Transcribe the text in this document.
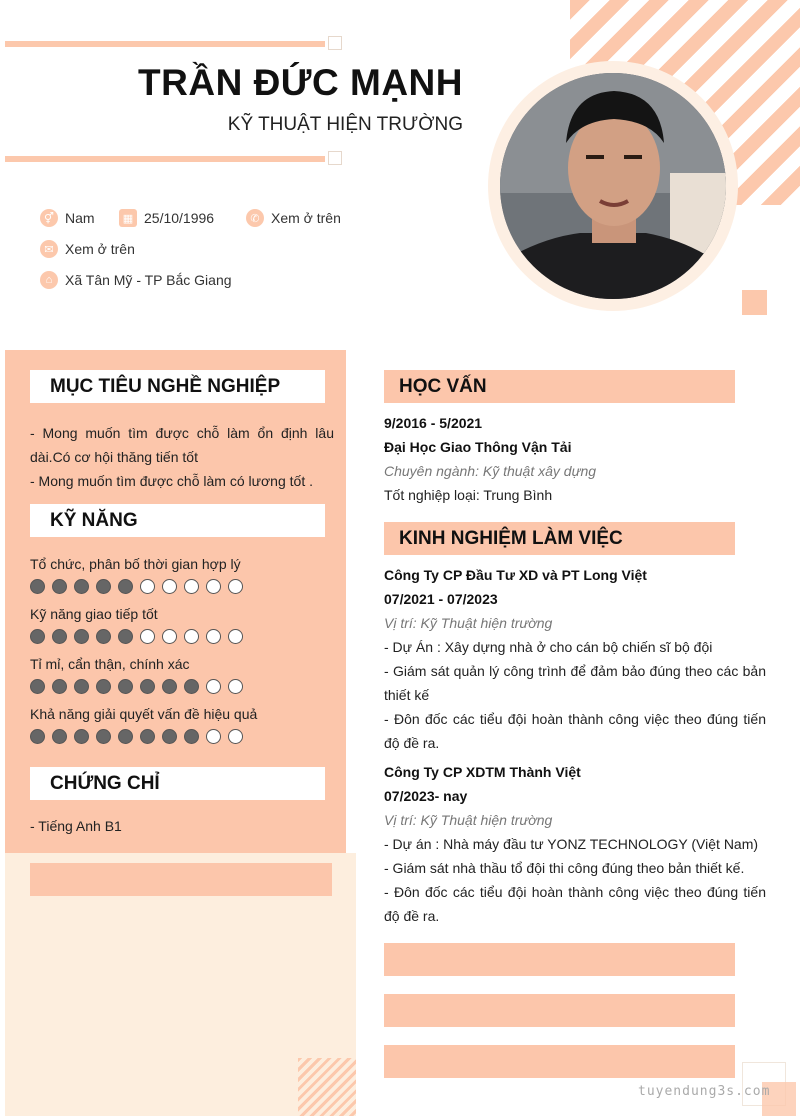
TRẦN ĐỨC MẠNH
KỸ THUẬT HIỆN TRƯỜNG
⚥ Nam	▦ 25/10/1996	✆ Xem ở trên
✉ Xem ở trên
⌂ Xã Tân Mỹ - TP Bắc Giang
MỤC TIÊU NGHỀ NGHIỆP

- Mong muốn tìm được chỗ làm ổn định lâu dài.Có cơ hội thăng tiến tốt

- Mong muốn tìm được chỗ làm có lương tốt .

KỸ NĂNG
Tổ chức, phân bố thời gian hợp lý
Kỹ năng giao tiếp tốt
Tỉ mỉ, cẩn thận, chính xác
Khả năng giải quyết vấn đề hiệu quả
CHỨNG CHỈ
- Tiếng Anh B1
HỌC VẤN
9/2016 - 5/2021
Đại Học Giao Thông Vận Tải
Chuyên ngành: Kỹ thuật xây dựng
Tốt nghiệp loại: Trung Bình
KINH NGHIỆM LÀM VIỆC
Công Ty CP Đầu Tư XD và PT Long Việt
07/2021 - 07/2023
Vị trí: Kỹ Thuật hiện trường
- Dự Án : Xây dựng nhà ở cho cán bộ chiến sĩ bộ đội
- Giám sát quản lý công trình để đảm bảo đúng theo các bản thiết kế
- Đôn đốc các tiểu đội hoàn thành công việc theo đúng tiến độ đề ra.
Công Ty CP XDTM Thành Việt
07/2023- nay
Vị trí: Kỹ Thuật hiện trường
- Dự án : Nhà máy đầu tư YONZ TECHNOLOGY (Việt Nam)
- Giám sát nhà thầu tổ đội thi công đúng theo bản thiết kế.
- Đôn đốc các tiểu đội hoàn thành công việc theo đúng tiến độ đề ra.
tuyendung3s.com
